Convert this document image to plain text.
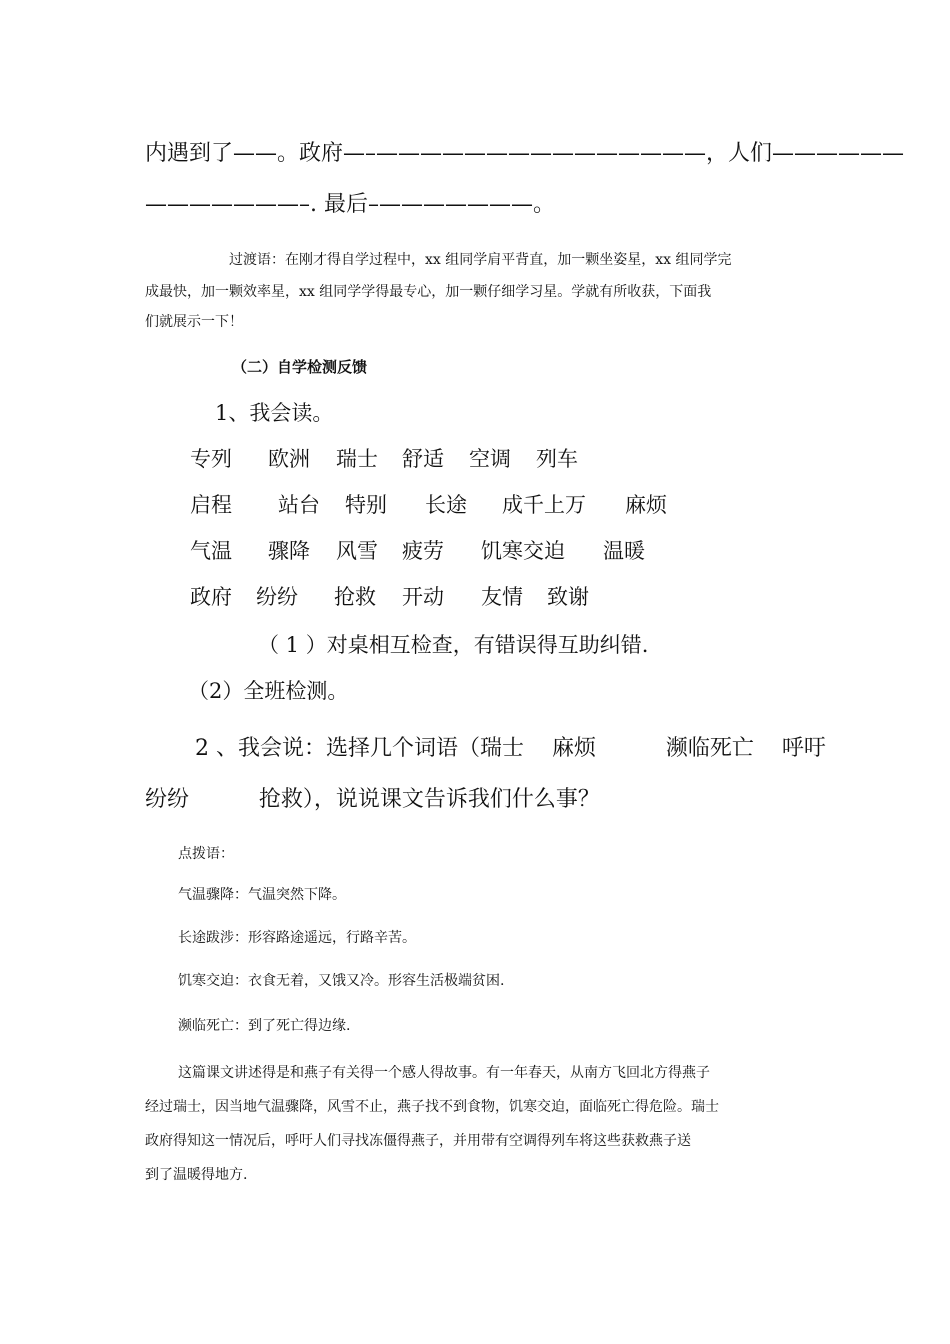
内遇到了——。政府—–———————————————，人们——————
———————–. 最后–———————。
过渡语：在刚才得自学过程中，xx 组同学肩平背直，加一颗坐姿星，xx 组同学完
成最快，加一颗效率星，xx 组同学学得最专心，加一颗仔细学习星。学就有所收获，下面我
们就展示一下！
（二）自学检测反馈
1、我会读。
专列 欧洲 瑞士 舒适 空调 列车
启程 站台 特别 长途 成千上万 麻烦
气温 骤降 风雪 疲劳 饥寒交迫 温暖
政府 纷纷 抢救 开动 友情 致谢
（ 1 ）对桌相互检查，有错误得互助纠错.
（2）全班检测。
2 、我会说：选择几个词语（瑞士    麻烦          濒临死亡    呼吁
纷纷          抢救），说说课文告诉我们什么事？
点拨语：
气温骤降：气温突然下降。
长途跋涉：形容路途遥远，行路辛苦。
饥寒交迫：衣食无着，又饿又冷。形容生活极端贫困.
濒临死亡：到了死亡得边缘.
这篇课文讲述得是和燕子有关得一个感人得故事。有一年春天，从南方飞回北方得燕子
经过瑞士，因当地气温骤降，风雪不止，燕子找不到食物，饥寒交迫，面临死亡得危险。瑞士
政府得知这一情况后，呼吁人们寻找冻僵得燕子，并用带有空调得列车将这些获救燕子送
到了温暖得地方.
